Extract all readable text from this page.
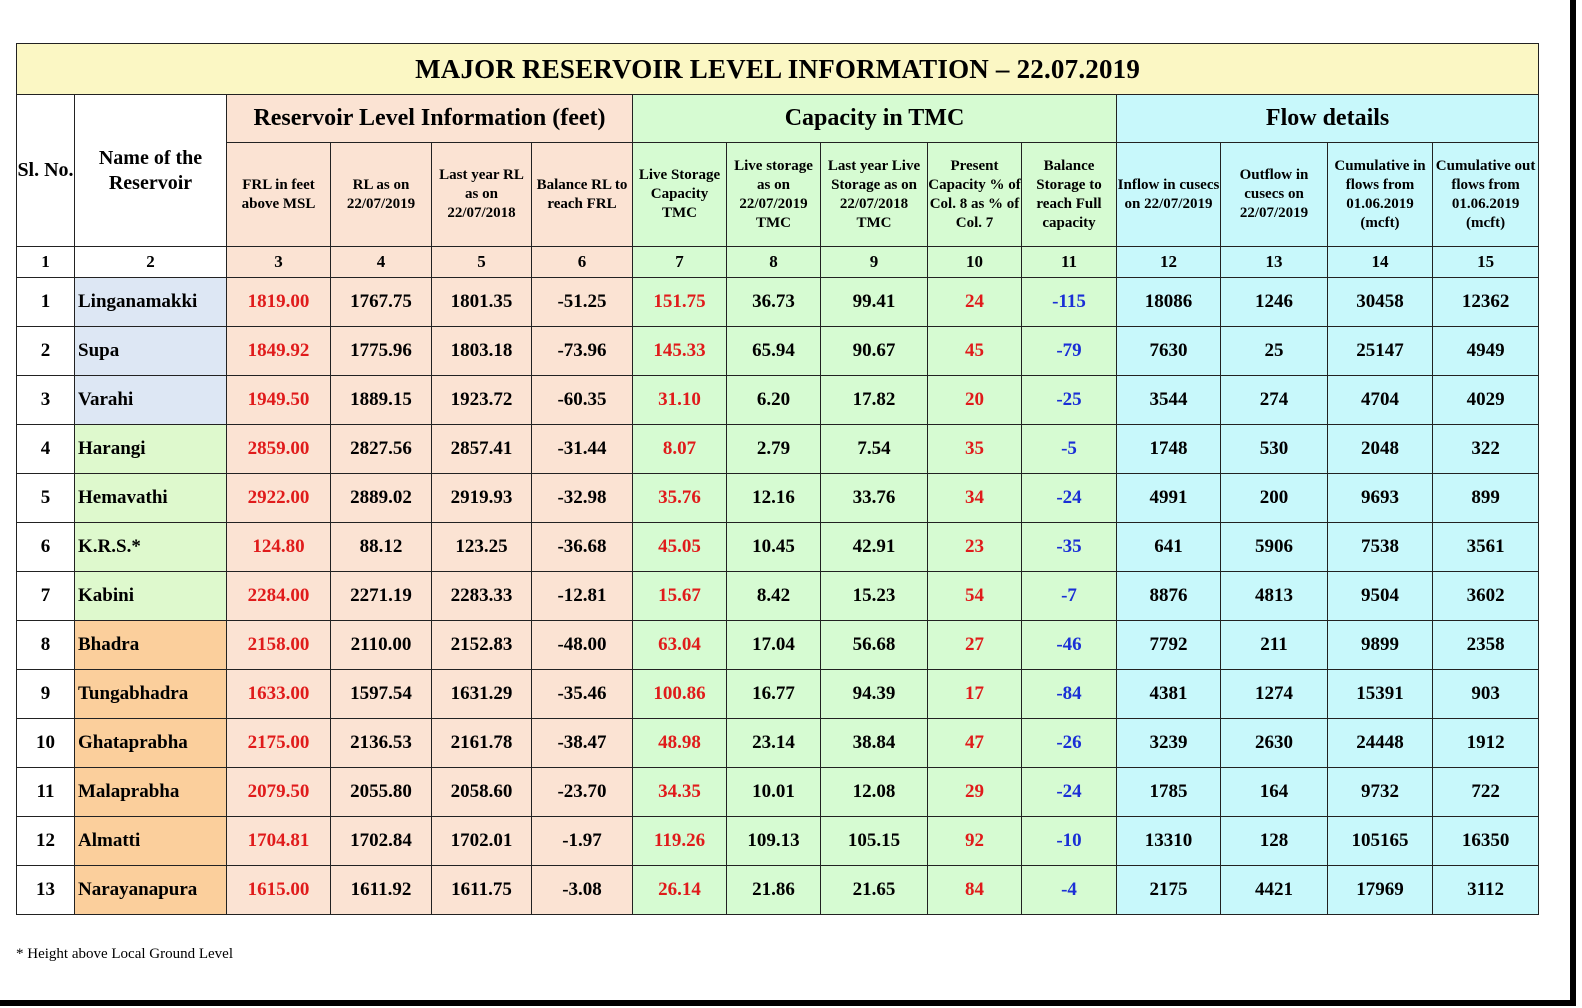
MAJOR RESERVOIR LEVEL INFORMATION – 22.07.2019														
Sl. No.	Name of the Reservoir	Reservoir Level Information (feet)				Capacity in TMC					Flow details			
		FRL in feet above MSL	RL as on 22/07/2019	Last year RL as on 22/07/2018	Balance RL to reach FRL	Live Storage Capacity TMC	Live storage as on 22/07/2019 TMC	Last year Live Storage as on 22/07/2018 TMC	Present Capacity % of Col. 8 as % of Col. 7	Balance Storage to reach Full capacity	Inflow in cusecs on 22/07/2019	Outflow in cusecs on 22/07/2019	Cumulative in flows from 01.06.2019 (mcft)	Cumulative out flows from 01.06.2019 (mcft)
1	2	3	4	5	6	7	8	9	10	11	12	13	14	15
1	Linganamakki	1819.00	1767.75	1801.35	-51.25	151.75	36.73	99.41	24	-115	18086	1246	30458	12362
2	Supa	1849.92	1775.96	1803.18	-73.96	145.33	65.94	90.67	45	-79	7630	25	25147	4949
3	Varahi	1949.50	1889.15	1923.72	-60.35	31.10	6.20	17.82	20	-25	3544	274	4704	4029
4	Harangi	2859.00	2827.56	2857.41	-31.44	8.07	2.79	7.54	35	-5	1748	530	2048	322
5	Hemavathi	2922.00	2889.02	2919.93	-32.98	35.76	12.16	33.76	34	-24	4991	200	9693	899
6	K.R.S.*	124.80	88.12	123.25	-36.68	45.05	10.45	42.91	23	-35	641	5906	7538	3561
7	Kabini	2284.00	2271.19	2283.33	-12.81	15.67	8.42	15.23	54	-7	8876	4813	9504	3602
8	Bhadra	2158.00	2110.00	2152.83	-48.00	63.04	17.04	56.68	27	-46	7792	211	9899	2358
9	Tungabhadra	1633.00	1597.54	1631.29	-35.46	100.86	16.77	94.39	17	-84	4381	1274	15391	903
10	Ghataprabha	2175.00	2136.53	2161.78	-38.47	48.98	23.14	38.84	47	-26	3239	2630	24448	1912
11	Malaprabha	2079.50	2055.80	2058.60	-23.70	34.35	10.01	12.08	29	-24	1785	164	9732	722
12	Almatti	1704.81	1702.84	1702.01	-1.97	119.26	109.13	105.15	92	-10	13310	128	105165	16350
13	Narayanapura	1615.00	1611.92	1611.75	-3.08	26.14	21.86	21.65	84	-4	2175	4421	17969	3112
* Height above Local Ground Level
